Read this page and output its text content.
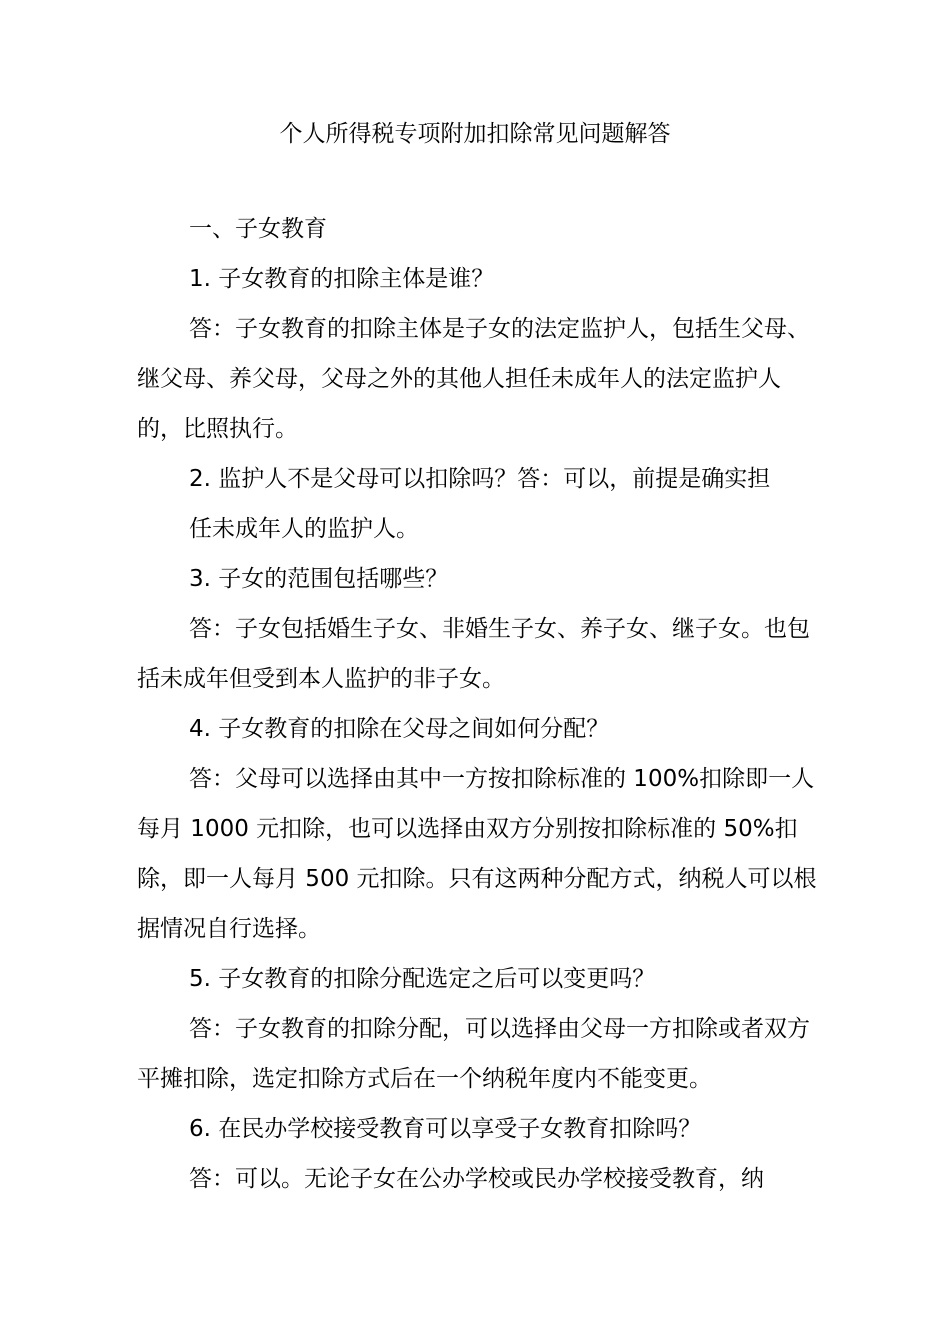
个人所得税专项附加扣除常见问题解答

一、子女教育

1. 子女教育的扣除主体是谁？

答：子女教育的扣除主体是子女的法定监护人，包括生父母、继父母、养父母，父母之外的其他人担任未成年人的法定监护人的，比照执行。

2. 监护人不是父母可以扣除吗？答：可以，前提是确实担

任未成年人的监护人。

3. 子女的范围包括哪些？

答：子女包括婚生子女、非婚生子女、养子女、继子女。也包括未成年但受到本人监护的非子女。

4. 子女教育的扣除在父母之间如何分配？

答：父母可以选择由其中一方按扣除标准的 100%扣除即一人每月 1000 元扣除，也可以选择由双方分别按扣除标准的 50%扣除，即一人每月 500 元扣除。只有这两种分配方式，纳税人可以根据情况自行选择。

5. 子女教育的扣除分配选定之后可以变更吗？

答：子女教育的扣除分配，可以选择由父母一方扣除或者双方平摊扣除，选定扣除方式后在一个纳税年度内不能变更。

6. 在民办学校接受教育可以享受子女教育扣除吗？

答：可以。无论子女在公办学校或民办学校接受教育，纳
